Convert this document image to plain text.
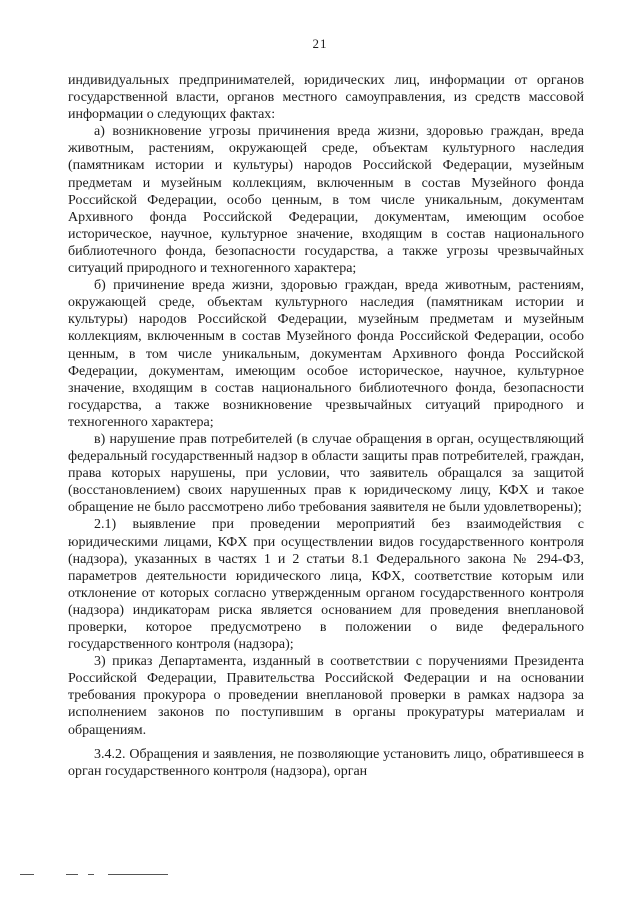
21

индивидуальных предпринимателей, юридических лиц, информации от органов государственной власти, органов местного самоуправления, из средств массовой информации о следующих фактах:

а) возникновение угрозы причинения вреда жизни, здоровью граждан, вреда животным, растениям, окружающей среде, объектам культурного наследия (памятникам истории и культуры) народов Российской Федерации, музейным предметам и музейным коллекциям, включенным в состав Музейного фонда Российской Федерации, особо ценным, в том числе уникальным, документам Архивного фонда Российской Федерации, документам, имеющим особое историческое, научное, культурное значение, входящим в состав национального библиотечного фонда, безопасности государства, а также угрозы чрезвычайных ситуаций природного и техногенного характера;

б) причинение вреда жизни, здоровью граждан, вреда животным, растениям, окружающей среде, объектам культурного наследия (памятникам истории и культуры) народов Российской Федерации, музейным предметам и музейным коллекциям, включенным в состав Музейного фонда Российской Федерации, особо ценным, в том числе уникальным, документам Архивного фонда Российской Федерации, документам, имеющим особое историческое, научное, культурное значение, входящим в состав национального библиотечного фонда, безопасности государства, а также возникновение чрезвычайных ситуаций природного и техногенного характера;

в) нарушение прав потребителей (в случае обращения в орган, осуществляющий федеральный государственный надзор в области защиты прав потребителей, граждан, права которых нарушены, при условии, что заявитель обращался за защитой (восстановлением) своих нарушенных прав к юридическому лицу, КФХ и такое обращение не было рассмотрено либо требования заявителя не были удовлетворены);

2.1) выявление при проведении мероприятий без взаимодействия с юридическими лицами, КФХ при осуществлении видов государственного контроля (надзора), указанных в частях 1 и 2 статьи 8.1 Федерального закона № 294-ФЗ, параметров деятельности юридического лица, КФХ, соответствие которым или отклонение от которых согласно утвержденным органом государственного контроля (надзора) индикаторам риска является основанием для проведения внеплановой проверки, которое предусмотрено в положении о виде федерального государственного контроля (надзора);

3) приказ Департамента, изданный в соответствии с поручениями Президента Российской Федерации, Правительства Российской Федерации и на основании требования прокурора о проведении внеплановой проверки в рамках надзора за исполнением законов по поступившим в органы прокуратуры материалам и обращениям.

3.4.2. Обращения и заявления, не позволяющие установить лицо, обратившееся в орган государственного контроля (надзора), орган
